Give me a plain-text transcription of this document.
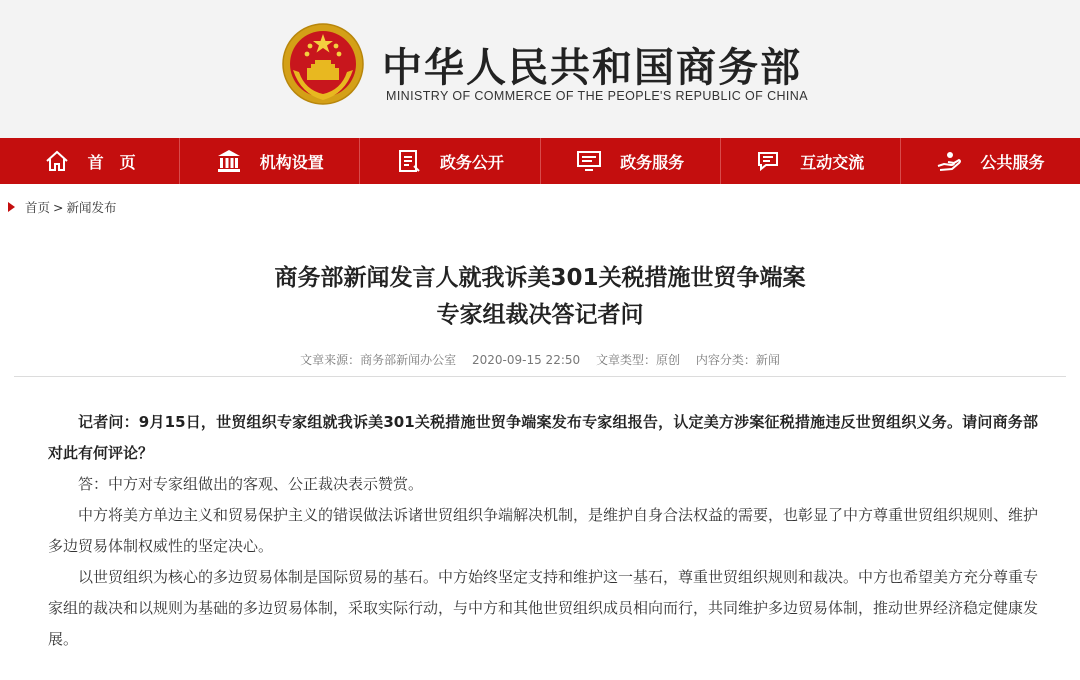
中华人民共和国商务部
MINISTRY OF COMMERCE OF THE PEOPLE'S REPUBLIC OF CHINA
首　页	机构设置	政务公开	政务服务	互动交流	公共服务
首页 > 新闻发布
商务部新闻发言人就我诉美301关税措施世贸争端案
专家组裁决答记者问
文章来源：商务部新闻办公室 2020-09-15 22:50 文章类型：原创 内容分类：新闻

记者问：9月15日，世贸组织专家组就我诉美301关税措施世贸争端案发布专家组报告，认定美方涉案征税措施违反世贸组织义务。请问商务部对此有何评论？

答：中方对专家组做出的客观、公正裁决表示赞赏。

中方将美方单边主义和贸易保护主义的错误做法诉诸世贸组织争端解决机制，是维护自身合法权益的需要，也彰显了中方尊重世贸组织规则、维护多边贸易体制权威性的坚定决心。

以世贸组织为核心的多边贸易体制是国际贸易的基石。中方始终坚定支持和维护这一基石，尊重世贸组织规则和裁决。中方也希望美方充分尊重专家组的裁决和以规则为基础的多边贸易体制，采取实际行动，与中方和其他世贸组织成员相向而行，共同维护多边贸易体制，推动世界经济稳定健康发展。
